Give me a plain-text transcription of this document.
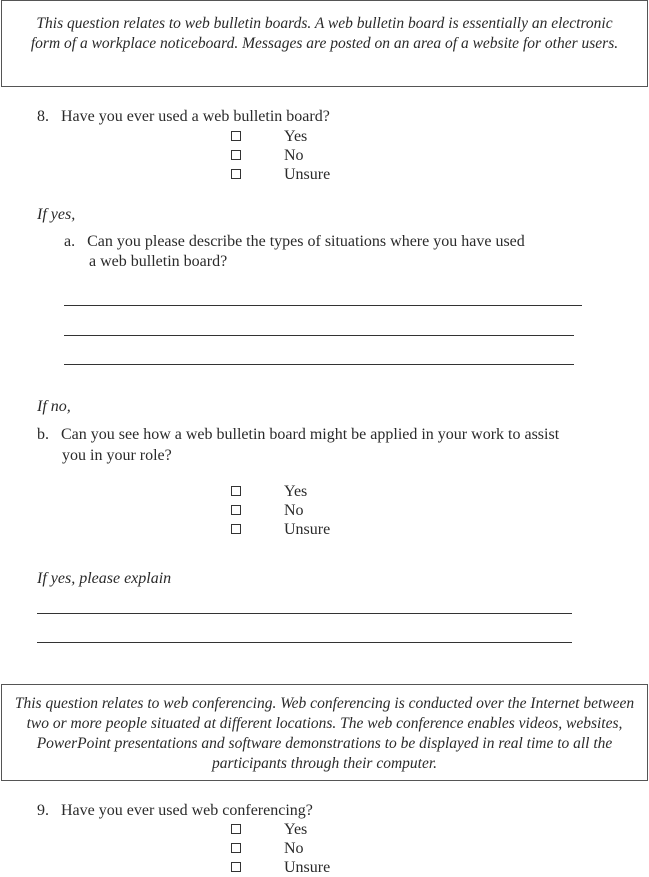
This question relates to web bulletin boards. A web bulletin board is essentially an electronic form of a workplace noticeboard. Messages are posted on an area of a website for other users.
8. Have you ever used a web bulletin board?
Yes
No
Unsure
If yes,
a. Can you please describe the types of situations where you have used
a web bulletin board?
If no,
b. Can you see how a web bulletin board might be applied in your work to assist
you in your role?
Yes
No
Unsure
If yes, please explain
This question relates to web conferencing. Web conferencing is conducted over the Internet between two or more people situated at different locations. The web conference enables videos, websites, PowerPoint presentations and software demonstrations to be displayed in real time to all the participants through their computer.
9. Have you ever used web conferencing?
Yes
No
Unsure
